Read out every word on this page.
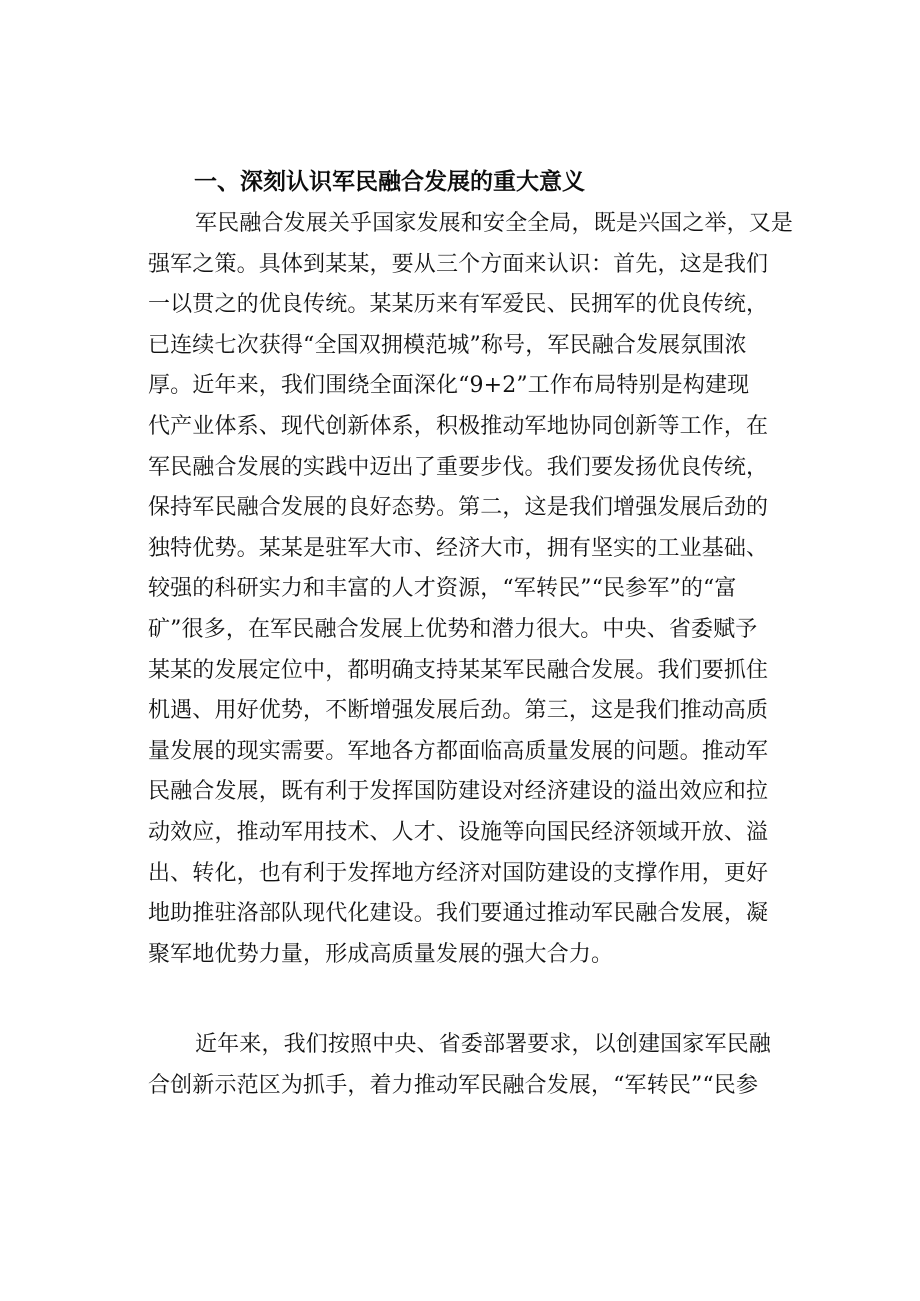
一、深刻认识军民融合发展的重大意义
军民融合发展关乎国家发展和安全全局，既是兴国之举，又是
强军之策。具体到某某，要从三个方面来认识：首先，这是我们
一以贯之的优良传统。某某历来有军爱民、民拥军的优良传统，
已连续七次获得“全国双拥模范城”称号，军民融合发展氛围浓
厚。近年来，我们围绕全面深化“9+2”工作布局特别是构建现
代产业体系、现代创新体系，积极推动军地协同创新等工作，在
军民融合发展的实践中迈出了重要步伐。我们要发扬优良传统，
保持军民融合发展的良好态势。第二，这是我们增强发展后劲的
独特优势。某某是驻军大市、经济大市，拥有坚实的工业基础、
较强的科研实力和丰富的人才资源，“军转民”“民参军”的“富
矿”很多，在军民融合发展上优势和潜力很大。中央、省委赋予
某某的发展定位中，都明确支持某某军民融合发展。我们要抓住
机遇、用好优势，不断增强发展后劲。第三，这是我们推动高质
量发展的现实需要。军地各方都面临高质量发展的问题。推动军
民融合发展，既有利于发挥国防建设对经济建设的溢出效应和拉
动效应，推动军用技术、人才、设施等向国民经济领域开放、溢
出、转化，也有利于发挥地方经济对国防建设的支撑作用，更好
地助推驻洛部队现代化建设。我们要通过推动军民融合发展，凝
聚军地优势力量，形成高质量发展的强大合力。
近年来，我们按照中央、省委部署要求，以创建国家军民融
合创新示范区为抓手，着力推动军民融合发展，“军转民”“民参
